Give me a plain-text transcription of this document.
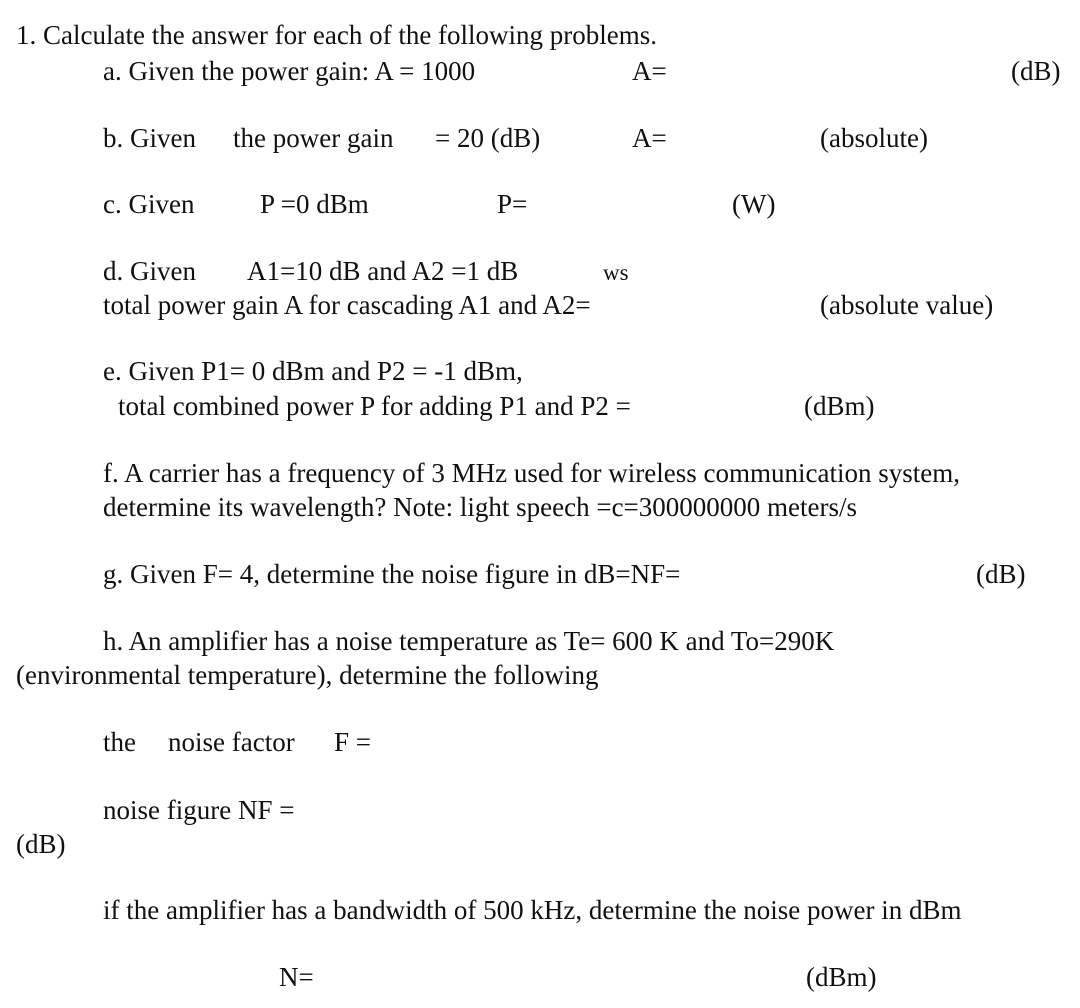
1. Calculate the answer for each of the following problems.
a. Given the power gain: A = 1000	A=	(dB)
b. Given the power gain = 20 (dB)	A=	(absolute)
c. Given P =0 dBm	P=	(W)
d. Given A1=10 dB and A2 =1 dB	ws
total power gain A for cascading A1 and A2=	(absolute value)
e. Given P1= 0 dBm and P2 = -1 dBm,
total combined power P for adding P1 and P2 =	(dBm)
f. A carrier has a frequency of 3 MHz used for wireless communication system,
determine its wavelength? Note: light speech =c=300000000 meters/s
g. Given F= 4, determine the noise figure in dB=NF=	(dB)
h. An amplifier has a noise temperature as Te= 600 K and To=290K
(environmental temperature), determine the following
the noise factor F =
noise figure NF =
(dB)
if the amplifier has a bandwidth of 500 kHz, determine the noise power in dBm
N=	(dBm)
